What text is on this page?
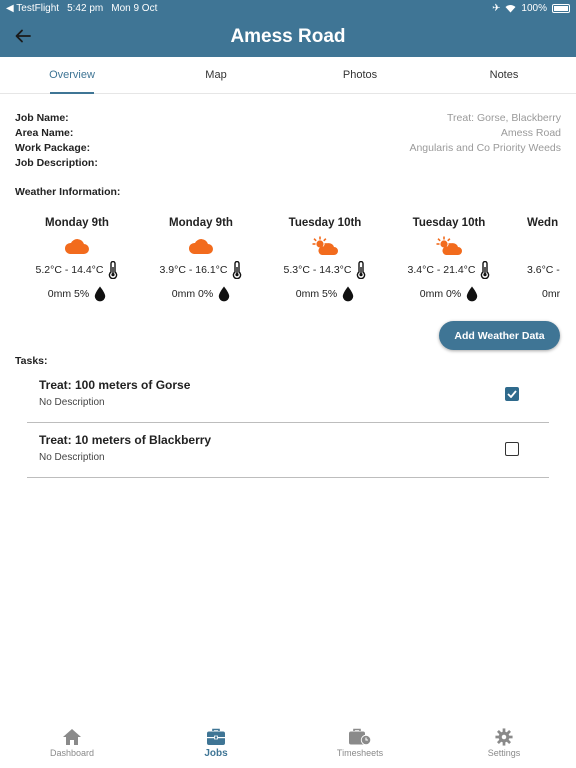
◀ TestFlight 5:42 pm Mon 9 Oct	✈ 100%
Amess Road
Overview	Map	Photos	Notes
Job Name:	Treat: Gorse, Blackberry
Area Name:	Amess Road
Work Package:	Angularis and Co Priority Weeds
Job Description:
Weather Information:
Monday 9th
5.2°C - 14.4°C
0mm 5%
Monday 9th
3.9°C - 16.1°C
0mm 0%
Tuesday 10th
5.3°C - 14.3°C
0mm 5%
Tuesday 10th
3.4°C - 21.4°C
0mm 0%
Wedn
3.6°C -
0mr
Add Weather Data
Tasks:
Treat: 100 meters of Gorse
No Description
Treat: 10 meters of Blackberry
No Description
Dashboard	Jobs	Timesheets	Settings
